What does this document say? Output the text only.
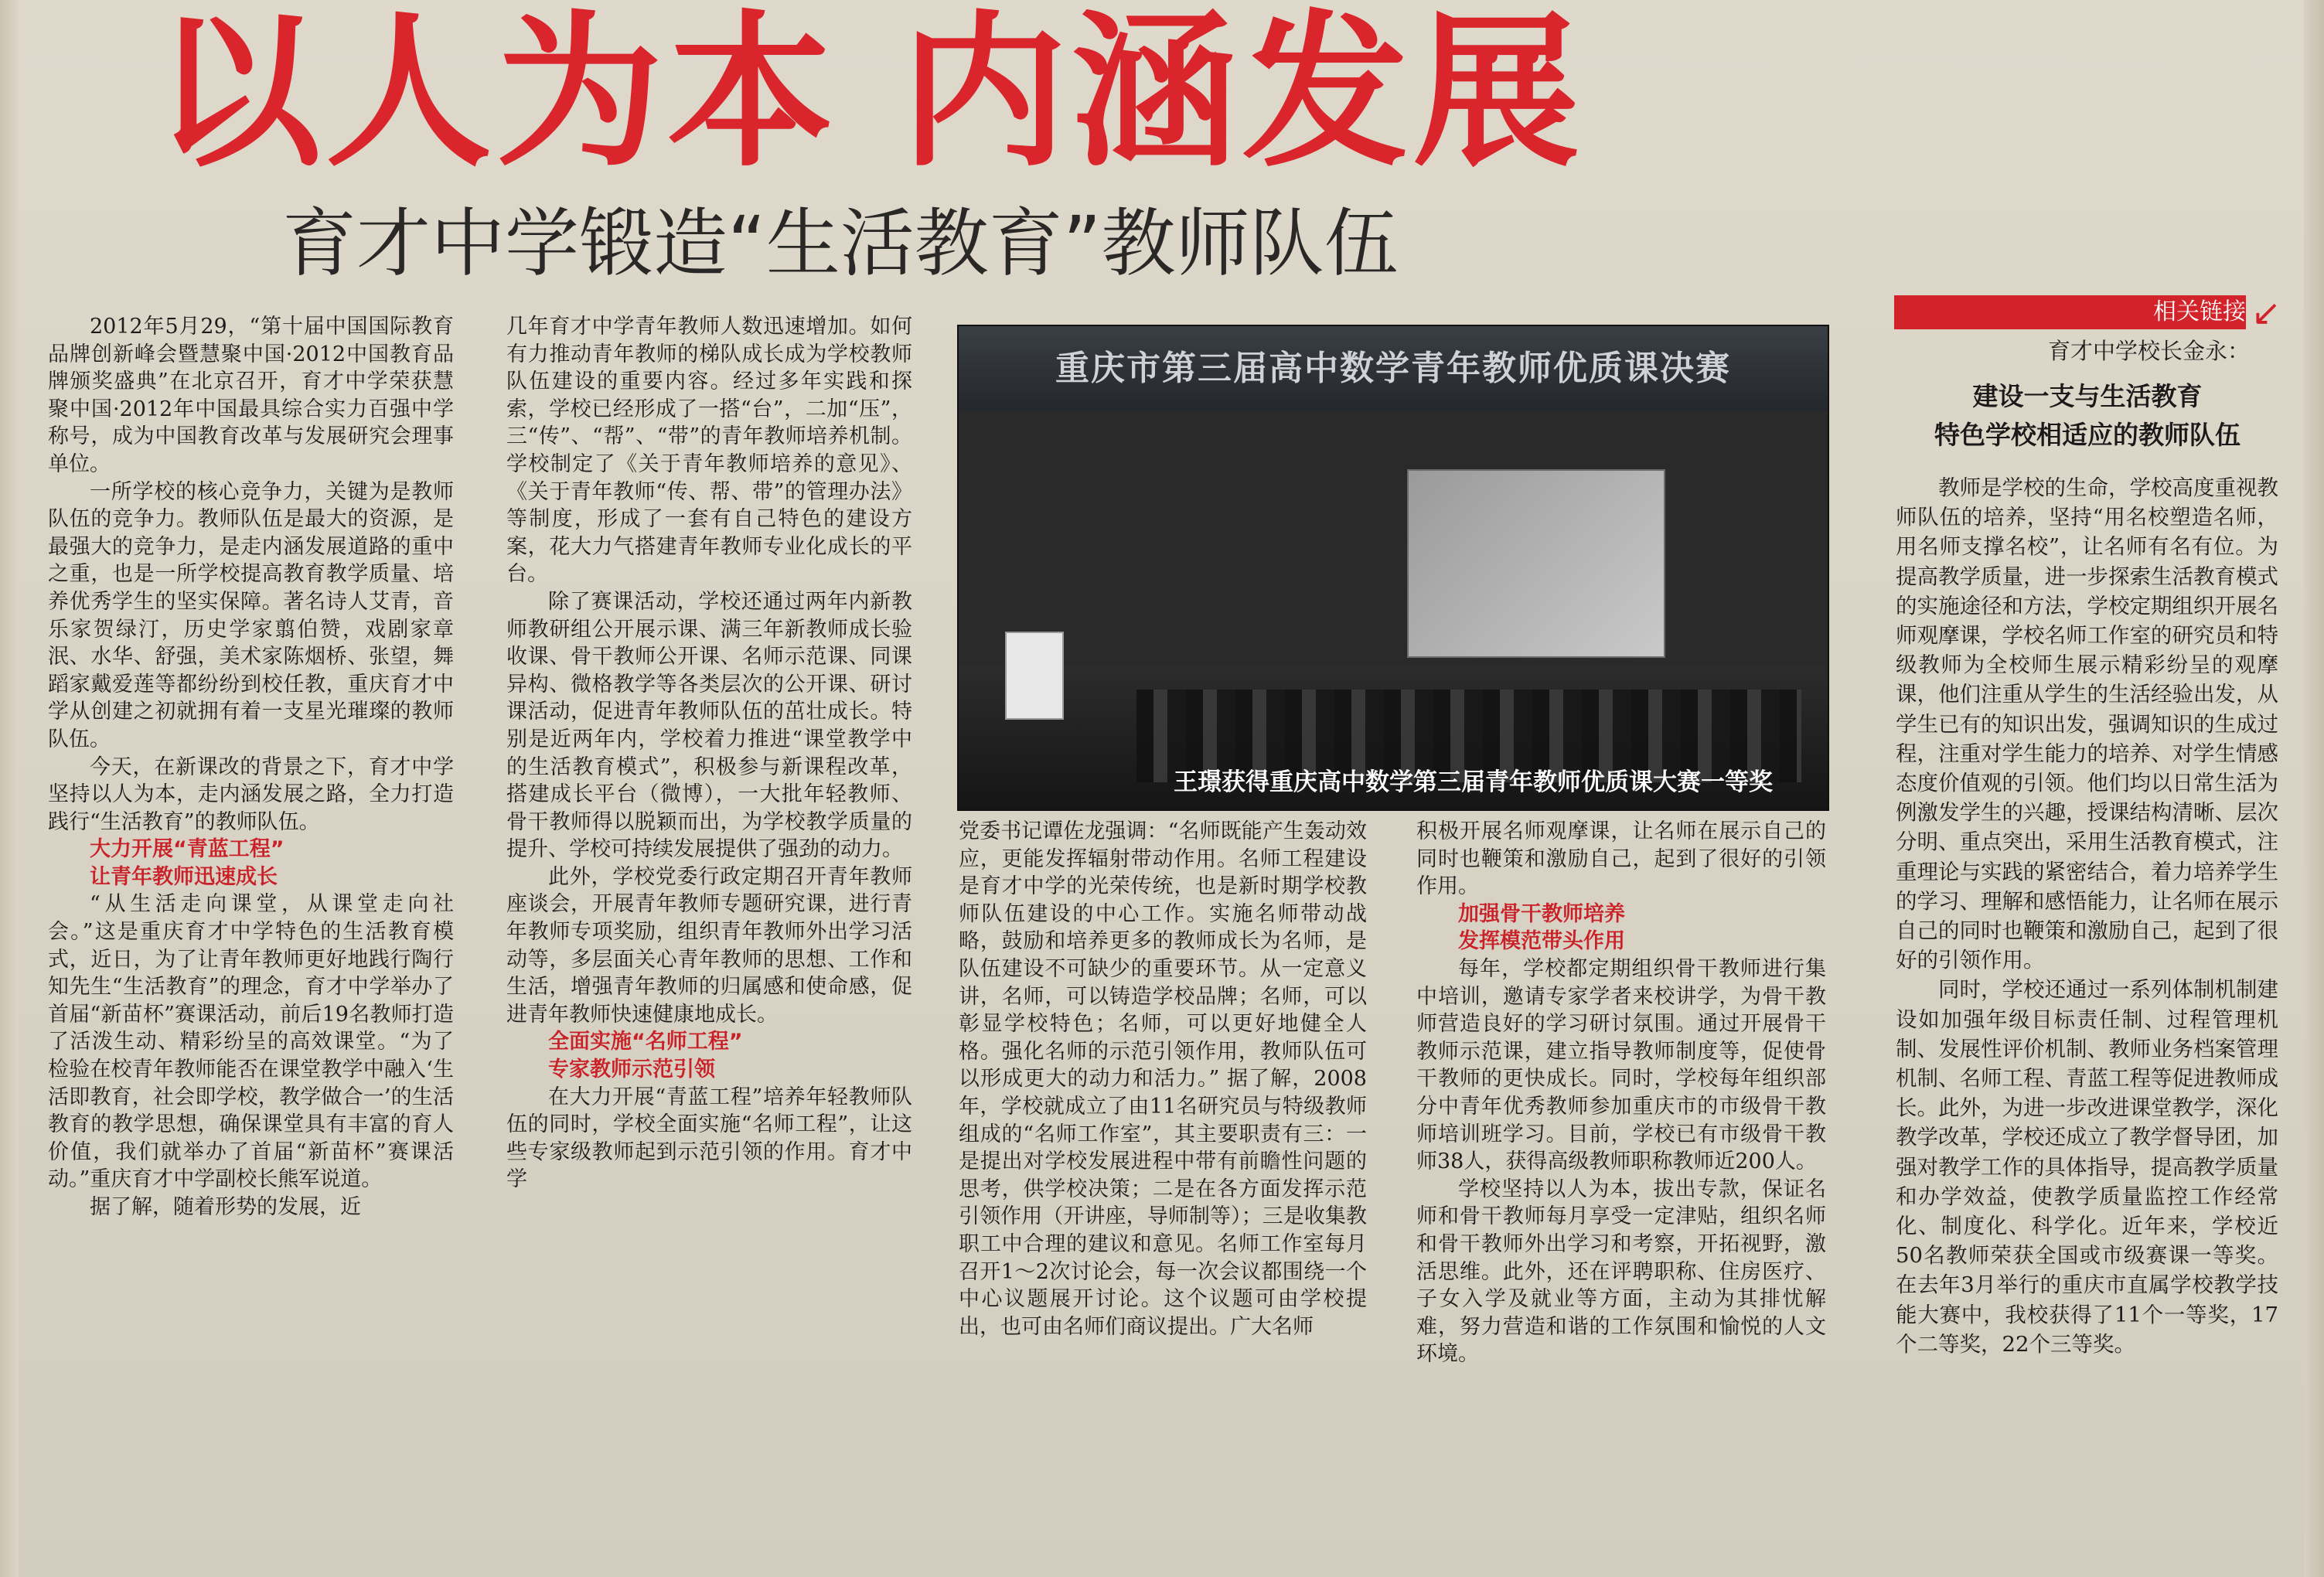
以人为本 内涵发展
育才中学锻造“生活教育”教师队伍

2012年5月29，“第十届中国国际教育品牌创新峰会暨慧聚中国·2012中国教育品牌颁奖盛典”在北京召开，育才中学荣获慧聚中国·2012年中国最具综合实力百强中学称号，成为中国教育改革与发展研究会理事单位。

一所学校的核心竞争力，关键为是教师队伍的竞争力。教师队伍是最大的资源，是最强大的竞争力，是走内涵发展道路的重中之重，也是一所学校提高教育教学质量、培养优秀学生的坚实保障。著名诗人艾青，音乐家贺绿汀，历史学家翦伯赞，戏剧家章泯、水华、舒强，美术家陈烟桥、张望，舞蹈家戴爱莲等都纷纷到校任教，重庆育才中学从创建之初就拥有着一支星光璀璨的教师队伍。

今天，在新课改的背景之下，育才中学坚持以人为本，走内涵发展之路，全力打造践行“生活教育”的教师队伍。

大力开展“青蓝工程”

让青年教师迅速成长

“从生活走向课堂，从课堂走向社会。”这是重庆育才中学特色的生活教育模式，近日，为了让青年教师更好地践行陶行知先生“生活教育”的理念，育才中学举办了首届“新苗杯”赛课活动，前后19名教师打造了活泼生动、精彩纷呈的高效课堂。“为了检验在校青年教师能否在课堂教学中融入‘生活即教育，社会即学校，教学做合一’的生活教育的教学思想，确保课堂具有丰富的育人价值，我们就举办了首届“新苗杯”赛课活动。”重庆育才中学副校长熊军说道。

据了解，随着形势的发展，近

几年育才中学青年教师人数迅速增加。如何有力推动青年教师的梯队成长成为学校教师队伍建设的重要内容。经过多年实践和探索，学校已经形成了一搭“台”，二加“压”，三“传”、“帮”、“带”的青年教师培养机制。学校制定了《关于青年教师培养的意见》、《关于青年教师“传、帮、带”的管理办法》等制度，形成了一套有自己特色的建设方案，花大力气搭建青年教师专业化成长的平台。

除了赛课活动，学校还通过两年内新教师教研组公开展示课、满三年新教师成长验收课、骨干教师公开课、名师示范课、同课异构、微格教学等各类层次的公开课、研讨课活动，促进青年教师队伍的茁壮成长。特别是近两年内，学校着力推进“课堂教学中的生活教育模式”，积极参与新课程改革，搭建成长平台（微博），一大批年轻教师、骨干教师得以脱颖而出，为学校教学质量的提升、学校可持续发展提供了强劲的动力。

此外，学校党委行政定期召开青年教师座谈会，开展青年教师专题研究课，进行青年教师专项奖励，组织青年教师外出学习活动等，多层面关心青年教师的思想、工作和生活，增强青年教师的归属感和使命感，促进青年教师快速健康地成长。

全面实施“名师工程”

专家教师示范引领

在大力开展“青蓝工程”培养年轻教师队伍的同时，学校全面实施“名师工程”，让这些专家级教师起到示范引领的作用。育才中学

重庆市第三届高中数学青年教师优质课决赛
王璟获得重庆高中数学第三届青年教师优质课大赛一等奖

党委书记谭佐龙强调：“名师既能产生轰动效应，更能发挥辐射带动作用。名师工程建设是育才中学的光荣传统，也是新时期学校教师队伍建设的中心工作。实施名师带动战略，鼓励和培养更多的教师成长为名师，是队伍建设不可缺少的重要环节。从一定意义讲，名师，可以铸造学校品牌；名师，可以彰显学校特色；名师，可以更好地健全人格。强化名师的示范引领作用，教师队伍可以形成更大的动力和活力。” 据了解，2008年，学校就成立了由11名研究员与特级教师组成的“名师工作室”，其主要职责有三：一是提出对学校发展进程中带有前瞻性问题的思考，供学校决策；二是在各方面发挥示范引领作用（开讲座，导师制等）；三是收集教职工中合理的建议和意见。名师工作室每月召开1～2次讨论会，每一次会议都围绕一个中心议题展开讨论。这个议题可由学校提出，也可由名师们商议提出。广大名师

积极开展名师观摩课，让名师在展示自己的同时也鞭策和激励自己，起到了很好的引领作用。

加强骨干教师培养

发挥模范带头作用

每年，学校都定期组织骨干教师进行集中培训，邀请专家学者来校讲学，为骨干教师营造良好的学习研讨氛围。通过开展骨干教师示范课，建立指导教师制度等，促使骨干教师的更快成长。同时，学校每年组织部分中青年优秀教师参加重庆市的市级骨干教师培训班学习。目前，学校已有市级骨干教师38人，获得高级教师职称教师近200人。

学校坚持以人为本，拔出专款，保证名师和骨干教师每月享受一定津贴，组织名师和骨干教师外出学习和考察，开拓视野，激活思维。此外，还在评聘职称、住房医疗、子女入学及就业等方面，主动为其排忧解难，努力营造和谐的工作氛围和愉悦的人文环境。

相关链接 ↙
育才中学校长金永：
建设一支与生活教育
特色学校相适应的教师队伍

教师是学校的生命，学校高度重视教师队伍的培养，坚持“用名校塑造名师，用名师支撑名校”，让名师有名有位。为提高教学质量，进一步探索生活教育模式的实施途径和方法，学校定期组织开展名师观摩课，学校名师工作室的研究员和特级教师为全校师生展示精彩纷呈的观摩课，他们注重从学生的生活经验出发，从学生已有的知识出发，强调知识的生成过程，注重对学生能力的培养、对学生情感态度价值观的引领。他们均以日常生活为例激发学生的兴趣，授课结构清晰、层次分明、重点突出，采用生活教育模式，注重理论与实践的紧密结合，着力培养学生的学习、理解和感悟能力，让名师在展示自己的同时也鞭策和激励自己，起到了很好的引领作用。

同时，学校还通过一系列体制机制建设如加强年级目标责任制、过程管理机制、发展性评价机制、教师业务档案管理机制、名师工程、青蓝工程等促进教师成长。此外，为进一步改进课堂教学，深化教学改革，学校还成立了教学督导团，加强对教学工作的具体指导，提高教学质量和办学效益，使教学质量监控工作经常化、制度化、科学化。近年来，学校近50名教师荣获全国或市级赛课一等奖。在去年3月举行的重庆市直属学校教学技能大赛中，我校获得了11个一等奖，17个二等奖，22个三等奖。
